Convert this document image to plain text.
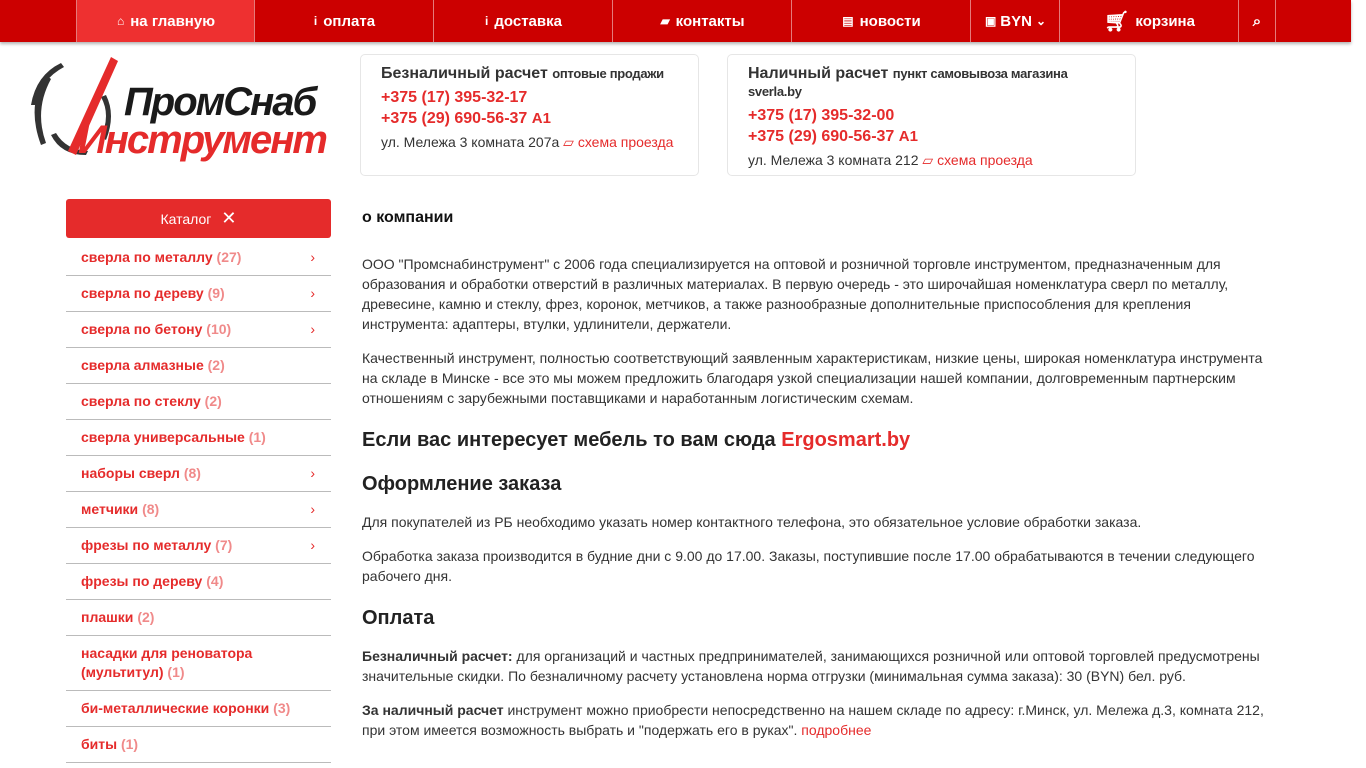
⌂ на главную	i оплата	i доставка	▰ контакты	▤ новости	▣ BYN ⌄	🛒︎ корзина	⌕
ПромСнаб
Инструмент
Безналичный расчет оптовые продажи
+375 (17) 395-32-17
+375 (29) 690-56-37 A1
ул. Мележа 3 комната 207а ▱ схема проезда
Наличный расчет пункт самовывоза магазина sverla.by
+375 (17) 395-32-00
+375 (29) 690-56-37 A1
ул. Мележа 3 комната 212 ▱ схема проезда
Каталог ✕
сверла по металлу (27)	›
сверла по дереву (9)	›
сверла по бетону (10)	›
сверла алмазные (2)
сверла по стеклу (2)
сверла универсальные (1)
наборы сверл (8)	›
метчики (8)	›
фрезы по металлу (7)	›
фрезы по дереву (4)
плашки (2)
насадки для реноватора (мультитул) (1)
би-металлические коронки (3)
биты (1)
о компании

ООО "Промснабинструмент" с 2006 года специализируется на оптовой и розничной торговле инструментом, предназначенным для образования и обработки отверстий в различных материалах. В первую очередь - это широчайшая номенклатура сверл по металлу, древесине, камню и стеклу, фрез, коронок, метчиков, а также разнообразные дополнительные приспособления для крепления инструмента: адаптеры, втулки, удлинители, держатели.

Качественный инструмент, полностью соответствующий заявленным характеристикам, низкие цены, широкая номенклатура инструмента на складе в Минске - все это мы можем предложить благодаря узкой специализации нашей компании, долговременным партнерским отношениям с зарубежными поставщиками и наработанным логистическим схемам.

Если вас интересует мебель то вам сюда Ergosmart.by
Оформление заказа

Для покупателей из РБ необходимо указать номер контактного телефона, это обязательное условие обработки заказа.

Обработка заказа производится в будние дни с 9.00 до 17.00. Заказы, поступившие после 17.00 обрабатываются в течении следующего рабочего дня.

Оплата

Безналичный расчет: для организаций и частных предпринимателей, занимающихся розничной или оптовой торговлей предусмотрены значительные скидки. По безналичному расчету установлена норма отгрузки (минимальная сумма заказа): 30 (BYN) бел. руб.

За наличный расчет инструмент можно приобрести непосредственно на нашем складе по адресу: г.Минск, ул. Мележа д.3, комната 212, при этом имеется возможность выбрать и "подержать его в руках". подробнее
